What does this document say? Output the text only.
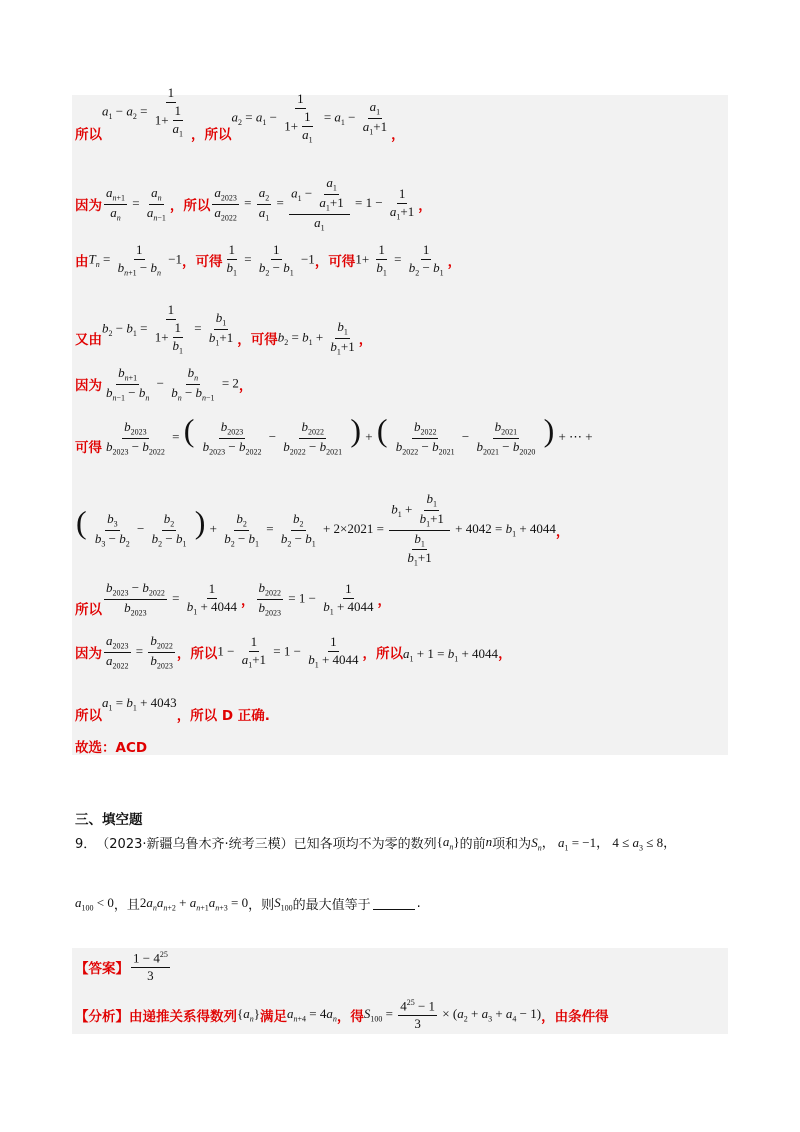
所以
$a_1 - a_2 = \frac{1}{1+ \frac{1}{a_1}}$ ， 所以
$a_2 = a_1 - \frac{1}{1+ \frac{1}{a_1}} = a_1 - \frac{a_1}{a_1+1}$ ，
因为 $\frac{a_{n+1}}{a_n} = \frac{a_n}{a_{n-1}}$ ， 所以 $\frac{a_{2023}}{a_{2022}} = \frac{a_2}{a_1} = \frac{a_1 - \frac{a_1}{a_1+1}}{a_1} = 1 - \frac{1}{a_1+1}$ ，
由 $T_n = \frac{1}{b_{n+1} - b_n} -1$ ， 可得 $\frac{1}{b_1} = \frac{1}{b_2 - b_1} -1$ ， 可得 $1+ \frac{1}{b_1} = \frac{1}{b_2 - b_1}$ ，
又由
$b_2 - b_1 = \frac{1}{1+ \frac{1}{b_1}} = \frac{b_1}{b_1+1}$ ， 可得 $b_2 = b_1 + \frac{b_1}{b_1+1}$ ，
因为 $\frac{b_{n+1}}{b_{n-1} - b_n} - \frac{b_n}{b_n - b_{n-1}} = 2$ ，
可得 $\frac{b_{2023}}{b_{2023} - b_{2022}}$ = ( $\frac{b_{2023}}{b_{2023} - b_{2022}} - \frac{b_{2022}}{b_{2022} - b_{2021}}$ ) + ( $\frac{b_{2022}}{b_{2022} - b_{2021}} - \frac{b_{2021}}{b_{2021} - b_{2020}}$ ) + ⋯ +
( $\frac{b_3}{b_3 - b_2} - \frac{b_2}{b_2 - b_1}$ ) + $\frac{b_2}{b_2 - b_1} = \frac{b_2}{b_2 - b_1} + 2\times 2021 = \frac{b_1 + \frac{b_1}{b_1+1}}{\frac{b_1}{b_1+1}} + 4042 = b_1 + 4044$ ，
所以 $\frac{b_{2023} - b_{2022}}{b_{2023}} = \frac{1}{b_1 + 4044}$ ， $\frac{b_{2022}}{b_{2023}} = 1 - \frac{1}{b_1 + 4044}$ ，
因为 $\frac{a_{2023}}{a_{2022}} = \frac{b_{2022}}{b_{2023}}$ ， 所以 $1 - \frac{1}{a_1+1} = 1 - \frac{1}{b_1 + 4044}$ ， 所以 $a_1 + 1 = b_1 + 4044$ ，
所以
$a_1 = b_1 + 4043$
，所以 D 正确.
故选：ACD
三、填空题
9． （2023·新疆乌鲁木齐·统考三模） 已知各项均不为零的数列 $\{a_n\}$ 的前 n 项和为 $S_n$， $a_1 = -1$， $4 \le a_3 \le 8$，
$a_{100} < 0$ ，且 $2a_na_{n+2} + a_{n+1}a_{n+3} = 0$ ，则 $S_{100}$ 的最大值等于	.
【答案】 $\frac{1 - 4^{25}}{3}$
【分析】 由递推关系得数列 $\{a_n\}$ 满足 $a_{n+4} = 4a_n$ ，得 $S_{100} = \frac{4^{25} - 1}{3} \times (a_2 + a_3 + a_4 - 1)$ ，由条件得
